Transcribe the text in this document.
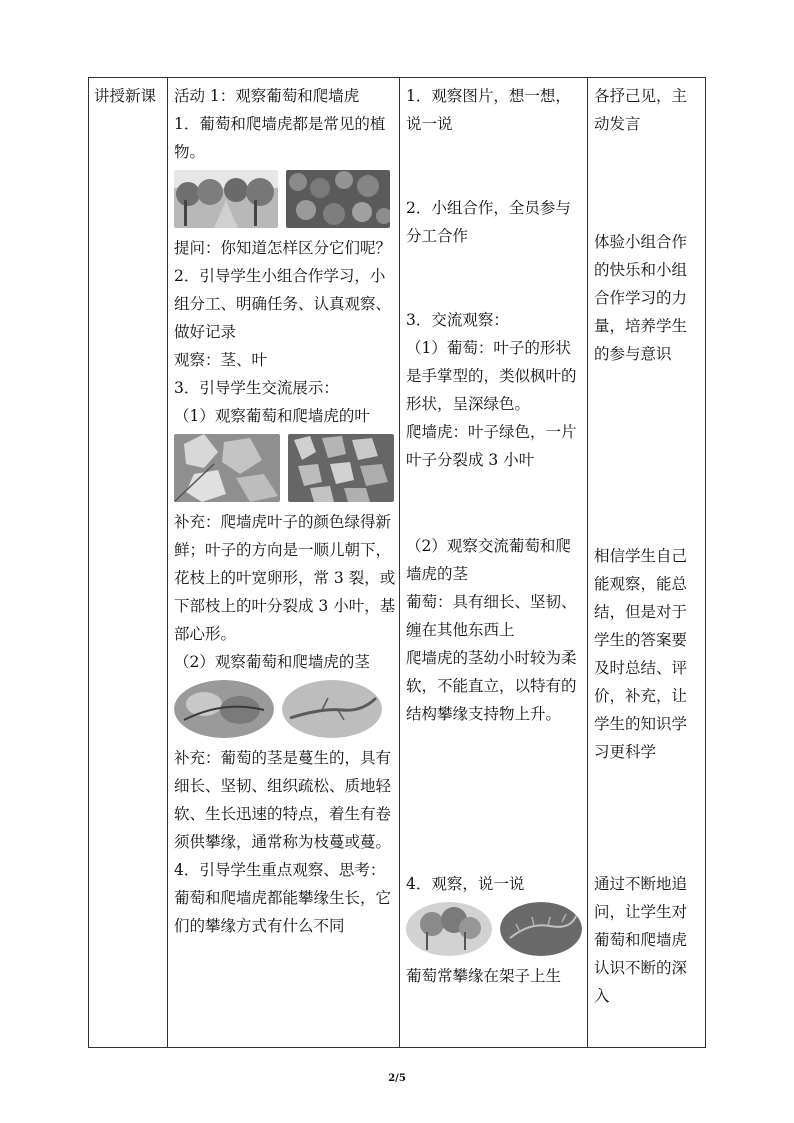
讲授新课	活动 1：观察葡萄和爬墙虎

1．葡萄和爬墙虎都是常见的植物。

提问：你知道怎样区分它们呢？

2．引导学生小组合作学习，小组分工、明确任务、认真观察、做好记录

观察：茎、叶

3．引导学生交流展示：

（1）观察葡萄和爬墙虎的叶

补充：爬墙虎叶子的颜色绿得新鲜；叶子的方向是一顺儿朝下，花枝上的叶宽卵形，常 3 裂，或下部枝上的叶分裂成 3 小叶，基部心形。

（2）观察葡萄和爬墙虎的茎

补充：葡萄的茎是蔓生的，具有细长、坚韧、组织疏松、质地轻软、生长迅速的特点，着生有卷须供攀缘，通常称为枝蔓或蔓。

4．引导学生重点观察、思考：葡萄和爬墙虎都能攀缘生长，它们的攀缘方式有什么不同

1．观察图片，想一想，说一说

2．小组合作，全员参与分工合作

3．交流观察：

（1）葡萄：叶子的形状是手掌型的，类似枫叶的形状，呈深绿色。

爬墙虎：叶子绿色，一片叶子分裂成 3 小叶

（2）观察交流葡萄和爬墙虎的茎

葡萄：具有细长、坚韧、缠在其他东西上

爬墙虎的茎幼小时较为柔软，不能直立，以特有的结构攀缘支持物上升。

4．观察，说一说

葡萄常攀缘在架子上生

各抒己见，主动发言

体验小组合作的快乐和小组合作学习的力量，培养学生的参与意识

相信学生自己能观察，能总结，但是对于学生的答案要及时总结、评价，补充，让学生的知识学习更科学

通过不断地追问，让学生对葡萄和爬墙虎认识不断的深入

2/5
